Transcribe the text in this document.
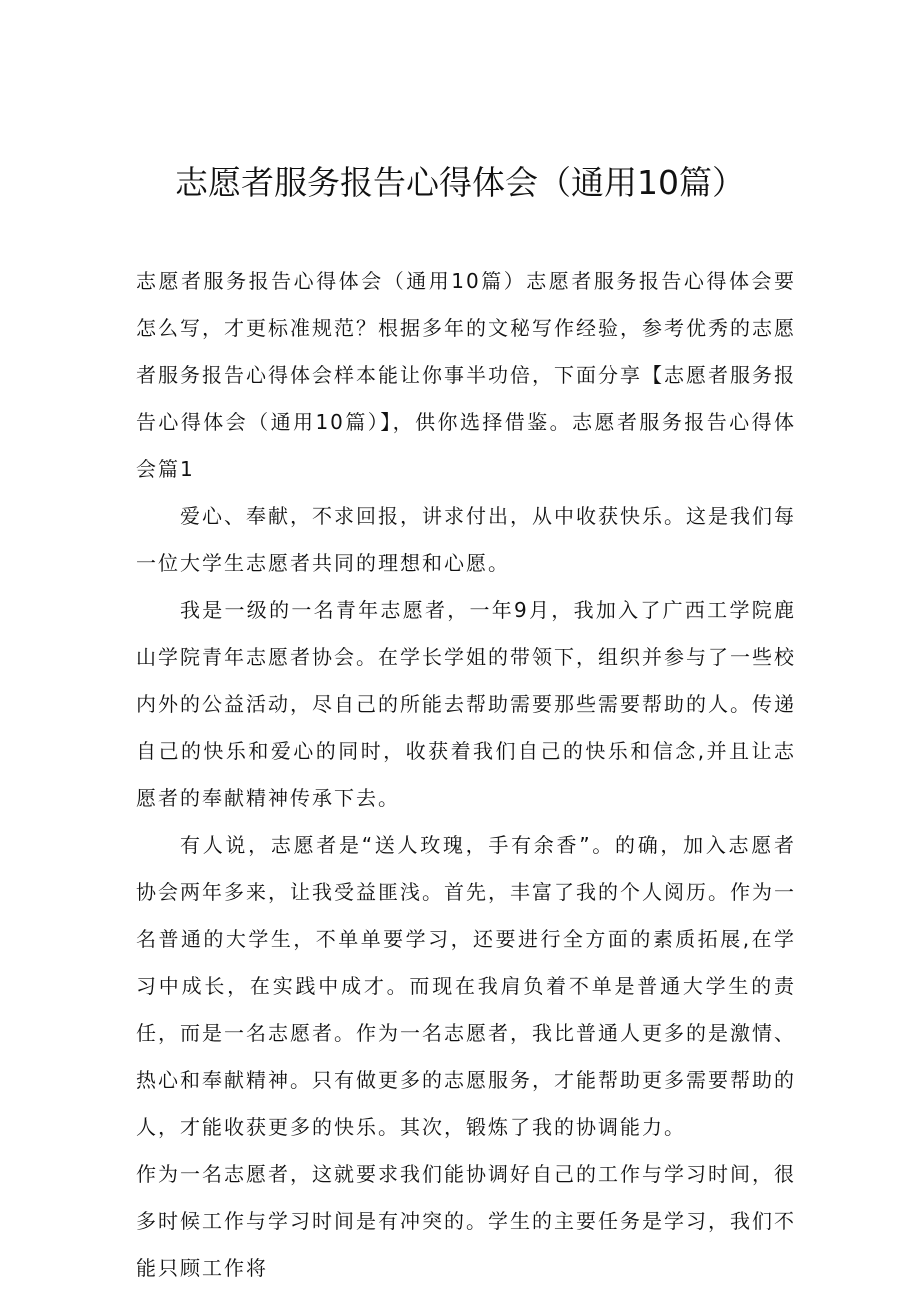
志愿者服务报告心得体会（通用10篇）

志愿者服务报告心得体会（通用10篇）志愿者服务报告心得体会要怎么写，才更标准规范？根据多年的文秘写作经验，参考优秀的志愿者服务报告心得体会样本能让你事半功倍，下面分享【志愿者服务报告心得体会（通用10篇）】，供你选择借鉴。志愿者服务报告心得体会篇1

爱心、奉献，不求回报，讲求付出，从中收获快乐。这是我们每一位大学生志愿者共同的理想和心愿。

我是一级的一名青年志愿者，一年9月，我加入了广西工学院鹿山学院青年志愿者协会。在学长学姐的带领下，组织并参与了一些校内外的公益活动，尽自己的所能去帮助需要那些需要帮助的人。传递自己的快乐和爱心的同时，收获着我们自己的快乐和信念,并且让志愿者的奉献精神传承下去。

有人说，志愿者是“送人玫瑰，手有余香”。的确，加入志愿者协会两年多来，让我受益匪浅。首先，丰富了我的个人阅历。作为一名普通的大学生，不单单要学习，还要进行全方面的素质拓展,在学习中成长，在实践中成才。而现在我肩负着不单是普通大学生的责任，而是一名志愿者。作为一名志愿者，我比普通人更多的是激情、热心和奉献精神。只有做更多的志愿服务，才能帮助更多需要帮助的人，才能收获更多的快乐。其次，锻炼了我的协调能力。

作为一名志愿者，这就要求我们能协调好自己的工作与学习时间，很多时候工作与学习时间是有冲突的。学生的主要任务是学习，我们不能只顾工作将
